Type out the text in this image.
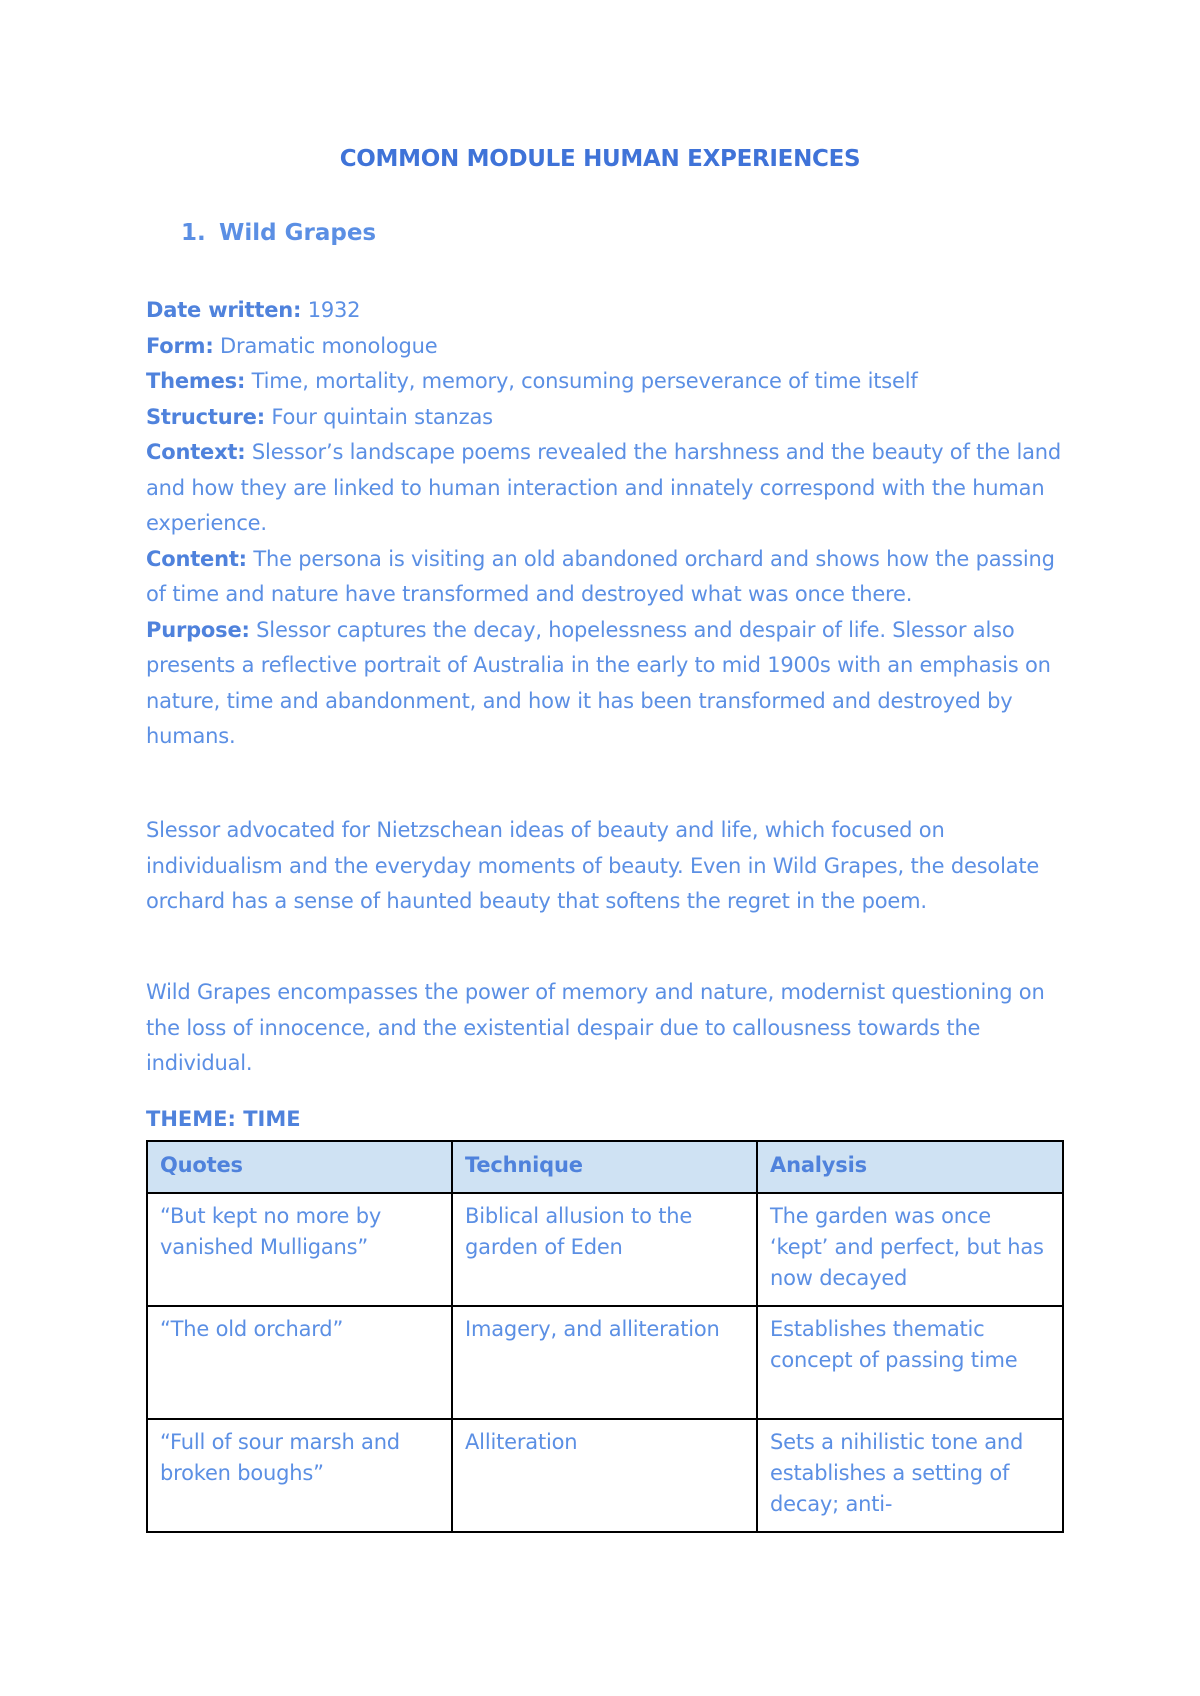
COMMON MODULE HUMAN EXPERIENCES
1. Wild Grapes

Date written: 1932

Form: Dramatic monologue

Themes: Time, mortality, memory, consuming perseverance of time itself

Structure: Four quintain stanzas

Context: Slessor’s landscape poems revealed the harshness and the beauty of the land and how they are linked to human interaction and innately correspond with the human experience.

Content: The persona is visiting an old abandoned orchard and shows how the passing of time and nature have transformed and destroyed what was once there.

Purpose: Slessor captures the decay, hopelessness and despair of life. Slessor also presents a reflective portrait of Australia in the early to mid 1900s with an emphasis on nature, time and abandonment, and how it has been transformed and destroyed by humans.

Slessor advocated for Nietzschean ideas of beauty and life, which focused on individualism and the everyday moments of beauty. Even in Wild Grapes, the desolate orchard has a sense of haunted beauty that softens the regret in the poem.

Wild Grapes encompasses the power of memory and nature, modernist questioning on the loss of innocence, and the existential despair due to callousness towards the individual.

THEME: TIME
Quotes	Technique	Analysis
“But kept no more by vanished Mulligans”	Biblical allusion to the garden of Eden	The garden was once ‘kept’ and perfect, but has now decayed
“The old orchard”	Imagery, and alliteration	Establishes thematic concept of passing time
“Full of sour marsh and broken boughs”	Alliteration	Sets a nihilistic tone and establishes a setting of decay; anti-
